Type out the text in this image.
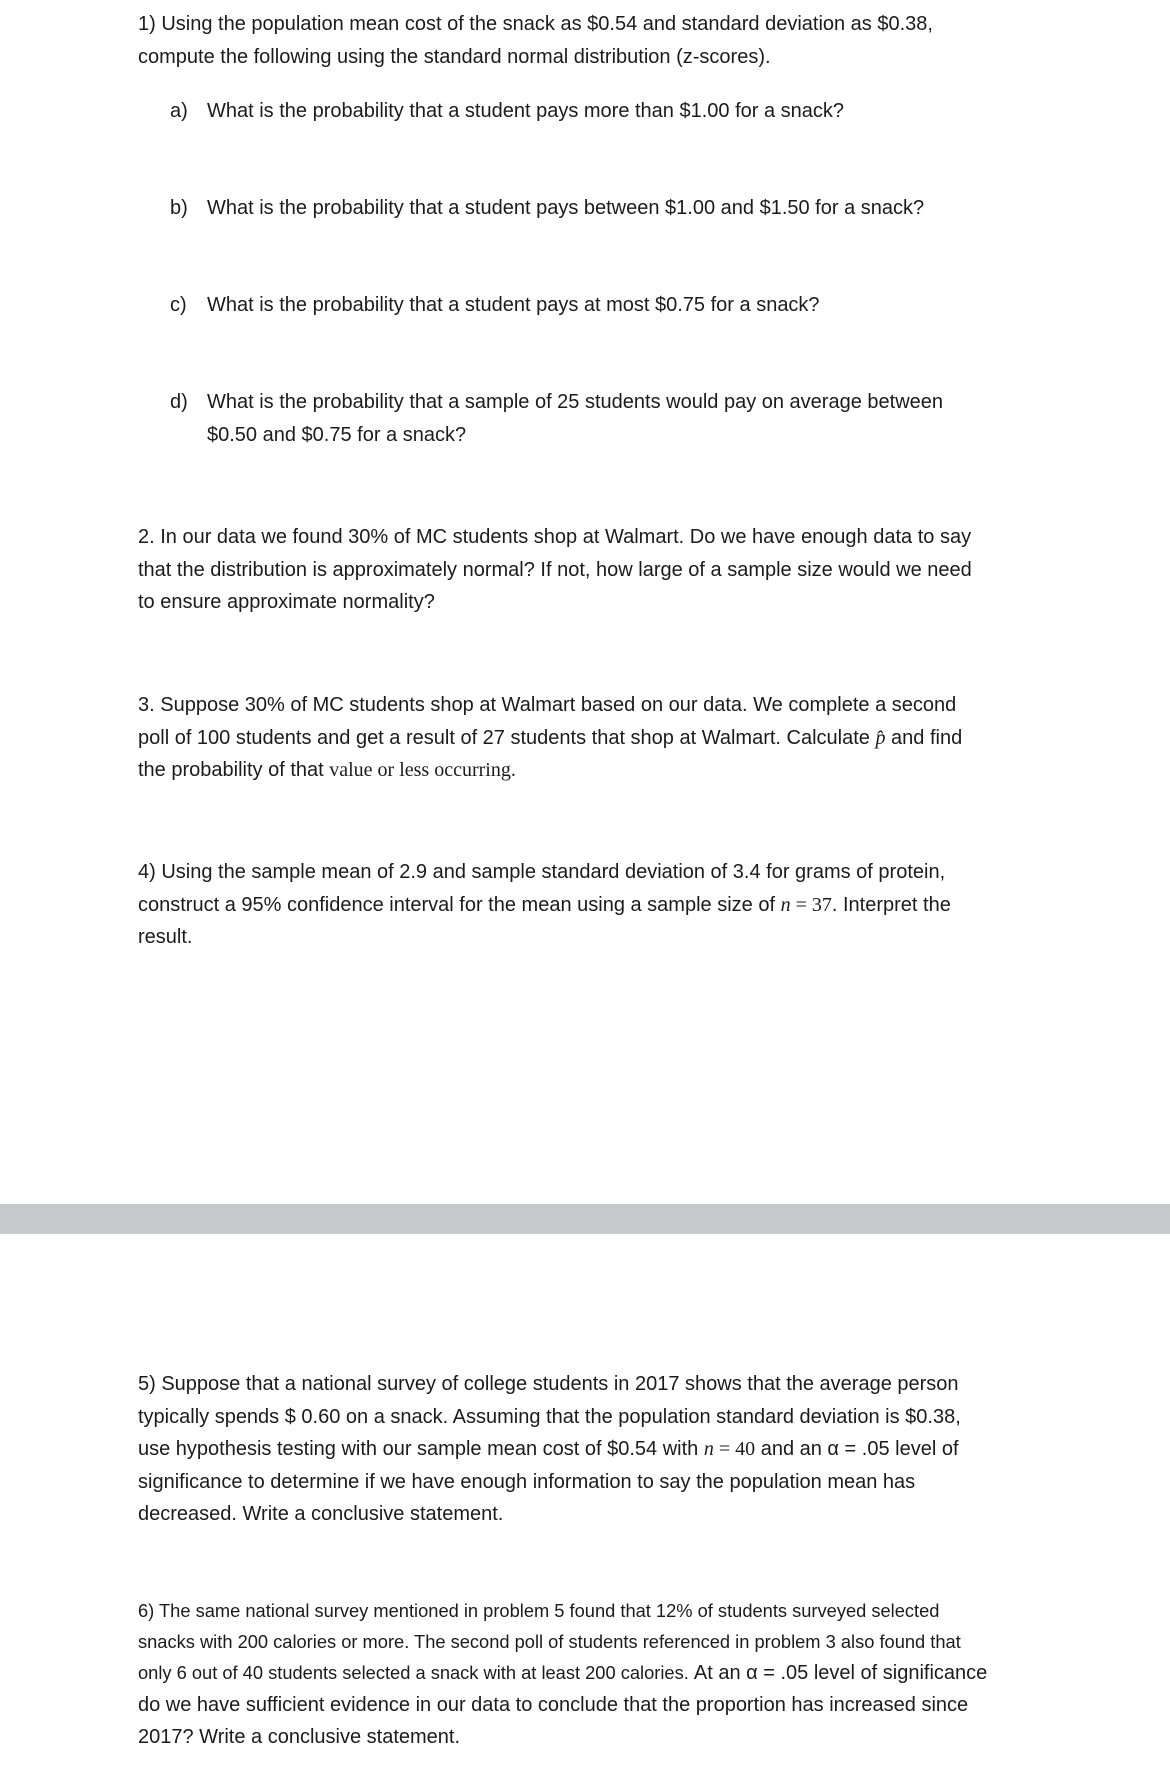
1) Using the population mean cost of the snack as $0.54 and standard deviation as $0.38,
compute the following using the standard normal distribution (z-scores).

a) What is the probability that a student pays more than $1.00 for a snack?
b) What is the probability that a student pays between $1.00 and $1.50 for a snack?
c)	What is the probability that a student pays at most $0.75 for a snack?
d) What is the probability that a sample of 25 students would pay on average between
$0.50 and $0.75 for a snack?

2. In our data we found 30% of MC students shop at Walmart. Do we have enough data to say
that the distribution is approximately normal? If not, how large of a sample size would we need
to ensure approximate normality?

3. Suppose 30% of MC students shop at Walmart based on our data. We complete a second
poll of 100 students and get a result of 27 students that shop at Walmart. Calculate p̂ and find
the probability of that value or less occurring.

4) Using the sample mean of 2.9 and sample standard deviation of 3.4 for grams of protein,
construct a 95% confidence interval for the mean using a sample size of n = 37. Interpret the
result.

5) Suppose that a national survey of college students in 2017 shows that the average person
typically spends $ 0.60 on a snack. Assuming that the population standard deviation is $0.38,
use hypothesis testing with our sample mean cost of $0.54 with n = 40 and an α = .05 level of
significance to determine if we have enough information to say the population mean has
decreased. Write a conclusive statement.

6) The same national survey mentioned in problem 5 found that 12% of students surveyed selected
snacks with 200 calories or more. The second poll of students referenced in problem 3 also found that
only 6 out of 40 students selected a snack with at least 200 calories. At an α = .05 level of significance
do we have sufficient evidence in our data to conclude that the proportion has increased since
2017? Write a conclusive statement.
